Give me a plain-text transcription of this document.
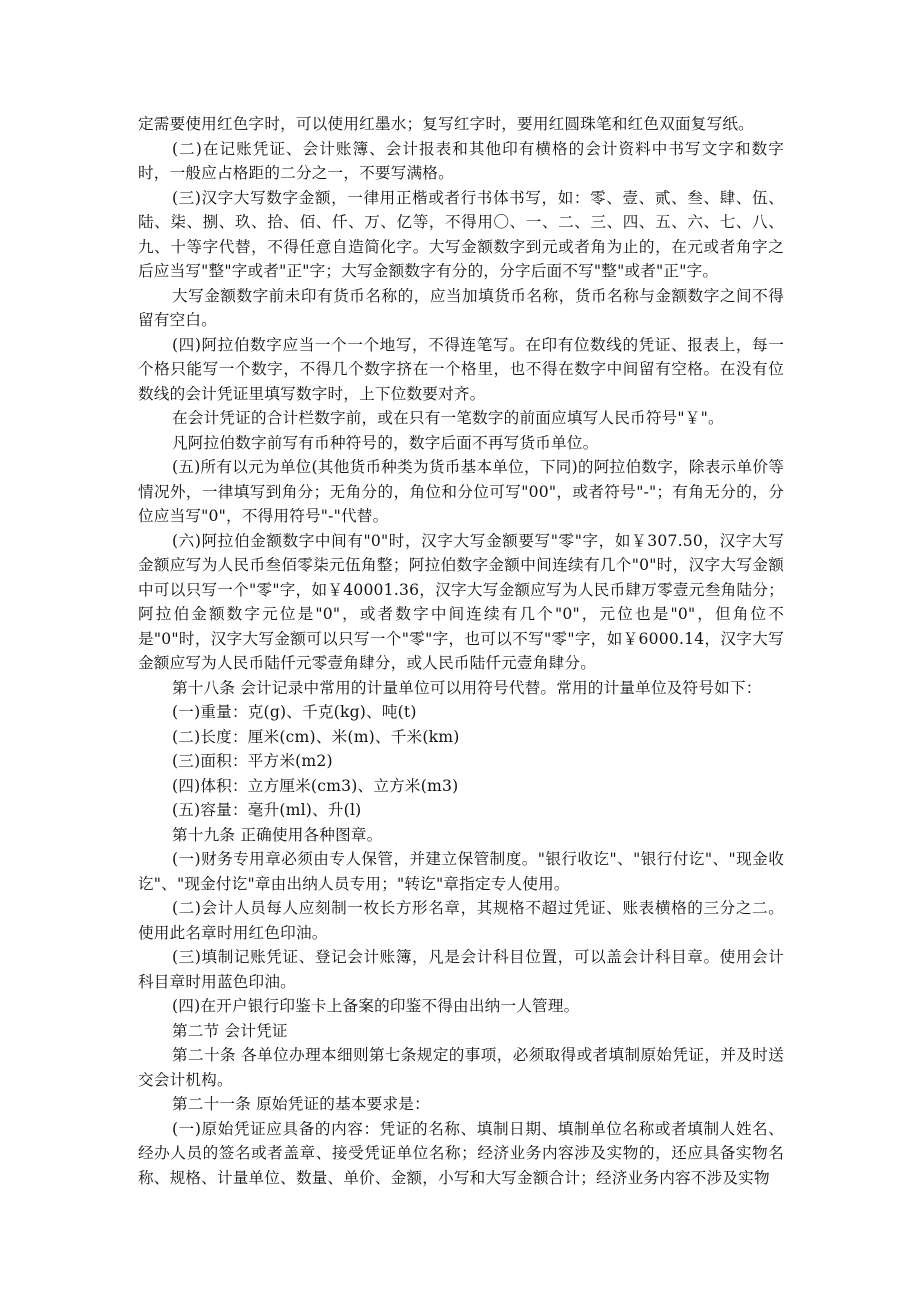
定需要使用红色字时，可以使用红墨水；复写红字时，要用红圆珠笔和红色双面复写纸。

(二)在记账凭证、会计账簿、会计报表和其他印有横格的会计资料中书写文字和数字时，一般应占格距的二分之一，不要写满格。

(三)汉字大写数字金额，一律用正楷或者行书体书写，如：零、壹、贰、叁、肆、伍、陆、柒、捌、玖、拾、佰、仟、万、亿等，不得用〇、一、二、三、四、五、六、七、八、九、十等字代替，不得任意自造简化字。大写金额数字到元或者角为止的，在元或者角字之后应当写"整"字或者"正"字；大写金额数字有分的，分字后面不写"整"或者"正"字。

大写金额数字前未印有货币名称的，应当加填货币名称，货币名称与金额数字之间不得留有空白。

(四)阿拉伯数字应当一个一个地写，不得连笔写。在印有位数线的凭证、报表上，每一个格只能写一个数字，不得几个数字挤在一个格里，也不得在数字中间留有空格。在没有位数线的会计凭证里填写数字时，上下位数要对齐。

在会计凭证的合计栏数字前，或在只有一笔数字的前面应填写人民币符号"￥"。

凡阿拉伯数字前写有币种符号的，数字后面不再写货币单位。

(五)所有以元为单位(其他货币种类为货币基本单位，下同)的阿拉伯数字，除表示单价等情况外，一律填写到角分；无角分的，角位和分位可写"00"，或者符号"-"；有角无分的，分位应当写"0"，不得用符号"-"代替。

(六)阿拉伯金额数字中间有"0"时，汉字大写金额要写"零"字，如￥307.50，汉字大写金额应写为人民币叁佰零柒元伍角整；阿拉伯数字金额中间连续有几个"0"时，汉字大写金额中可以只写一个"零"字，如￥40001.36，汉字大写金额应写为人民币肆万零壹元叁角陆分；阿拉伯金额数字元位是"0"，或者数字中间连续有几个"0"，元位也是"0"，但角位不是"0"时，汉字大写金额可以只写一个"零"字，也可以不写"零"字，如￥6000.14，汉字大写金额应写为人民币陆仟元零壹角肆分，或人民币陆仟元壹角肆分。

第十八条 会计记录中常用的计量单位可以用符号代替。常用的计量单位及符号如下：

(一)重量：克(g)、千克(kg)、吨(t)

(二)长度：厘米(cm)、米(m)、千米(km)

(三)面积：平方米(m2)

(四)体积：立方厘米(cm3)、立方米(m3)

(五)容量：毫升(ml)、升(l)

第十九条 正确使用各种图章。

(一)财务专用章必须由专人保管，并建立保管制度。"银行收讫"、"银行付讫"、"现金收讫"、"现金付讫"章由出纳人员专用；"转讫"章指定专人使用。

(二)会计人员每人应刻制一枚长方形名章，其规格不超过凭证、账表横格的三分之二。使用此名章时用红色印油。

(三)填制记账凭证、登记会计账簿，凡是会计科目位置，可以盖会计科目章。使用会计科目章时用蓝色印油。

(四)在开户银行印鉴卡上备案的印鉴不得由出纳一人管理。

第二节 会计凭证

第二十条 各单位办理本细则第七条规定的事项，必须取得或者填制原始凭证，并及时送交会计机构。

第二十一条 原始凭证的基本要求是：

(一)原始凭证应具备的内容：凭证的名称、填制日期、填制单位名称或者填制人姓名、经办人员的签名或者盖章、接受凭证单位名称；经济业务内容涉及实物的，还应具备实物名称、规格、计量单位、数量、单价、金额，小写和大写金额合计；经济业务内容不涉及实物
